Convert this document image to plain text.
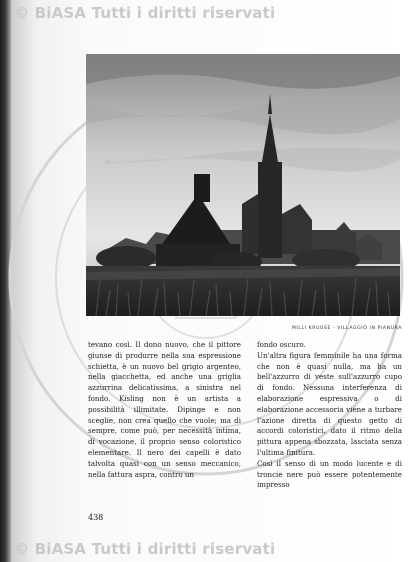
© BiASA Tutti i diritti riservati
MILLI KRUUSE · VILLAGGIO IN PIANURA

tevano così. Il dono nuovo, che il pittore giunse di produrre nella sua espressione schietta, è un nuovo bel grigio argenteo, nella giacchetta, ed anche una griglia azzurrina delicatissima, a sinistra nel fondo. Kisling non è un artista a possibilità illimitate. Dipinge e non sceglie, non crea quello che vuole; ma di sempre, come può, per necessità intima, di vocazione, il proprio senso coloristico elementare. Il nero dei capelli è dato talvolta quasi con un senso meccanico, nella fattura aspra, contro un

fondo oscuro.

Un'altra figura femminile ha una forma che non è quasi nulla, ma ha un bell'azzurro di veste sull'azzurro cupo di fondo. Nessuna interferenza di elaborazione espressiva o di elaborazione accessoria viene a turbare l'azione diretta di questo getto di accordi coloristici, dato il ritmo della pittura appena sbozzata, lasciata senza l'ultima finitura.

Così il senso di un modo lucente e di troncie nere può essere potentemente impresso

438
© BiASA Tutti i diritti riservati
